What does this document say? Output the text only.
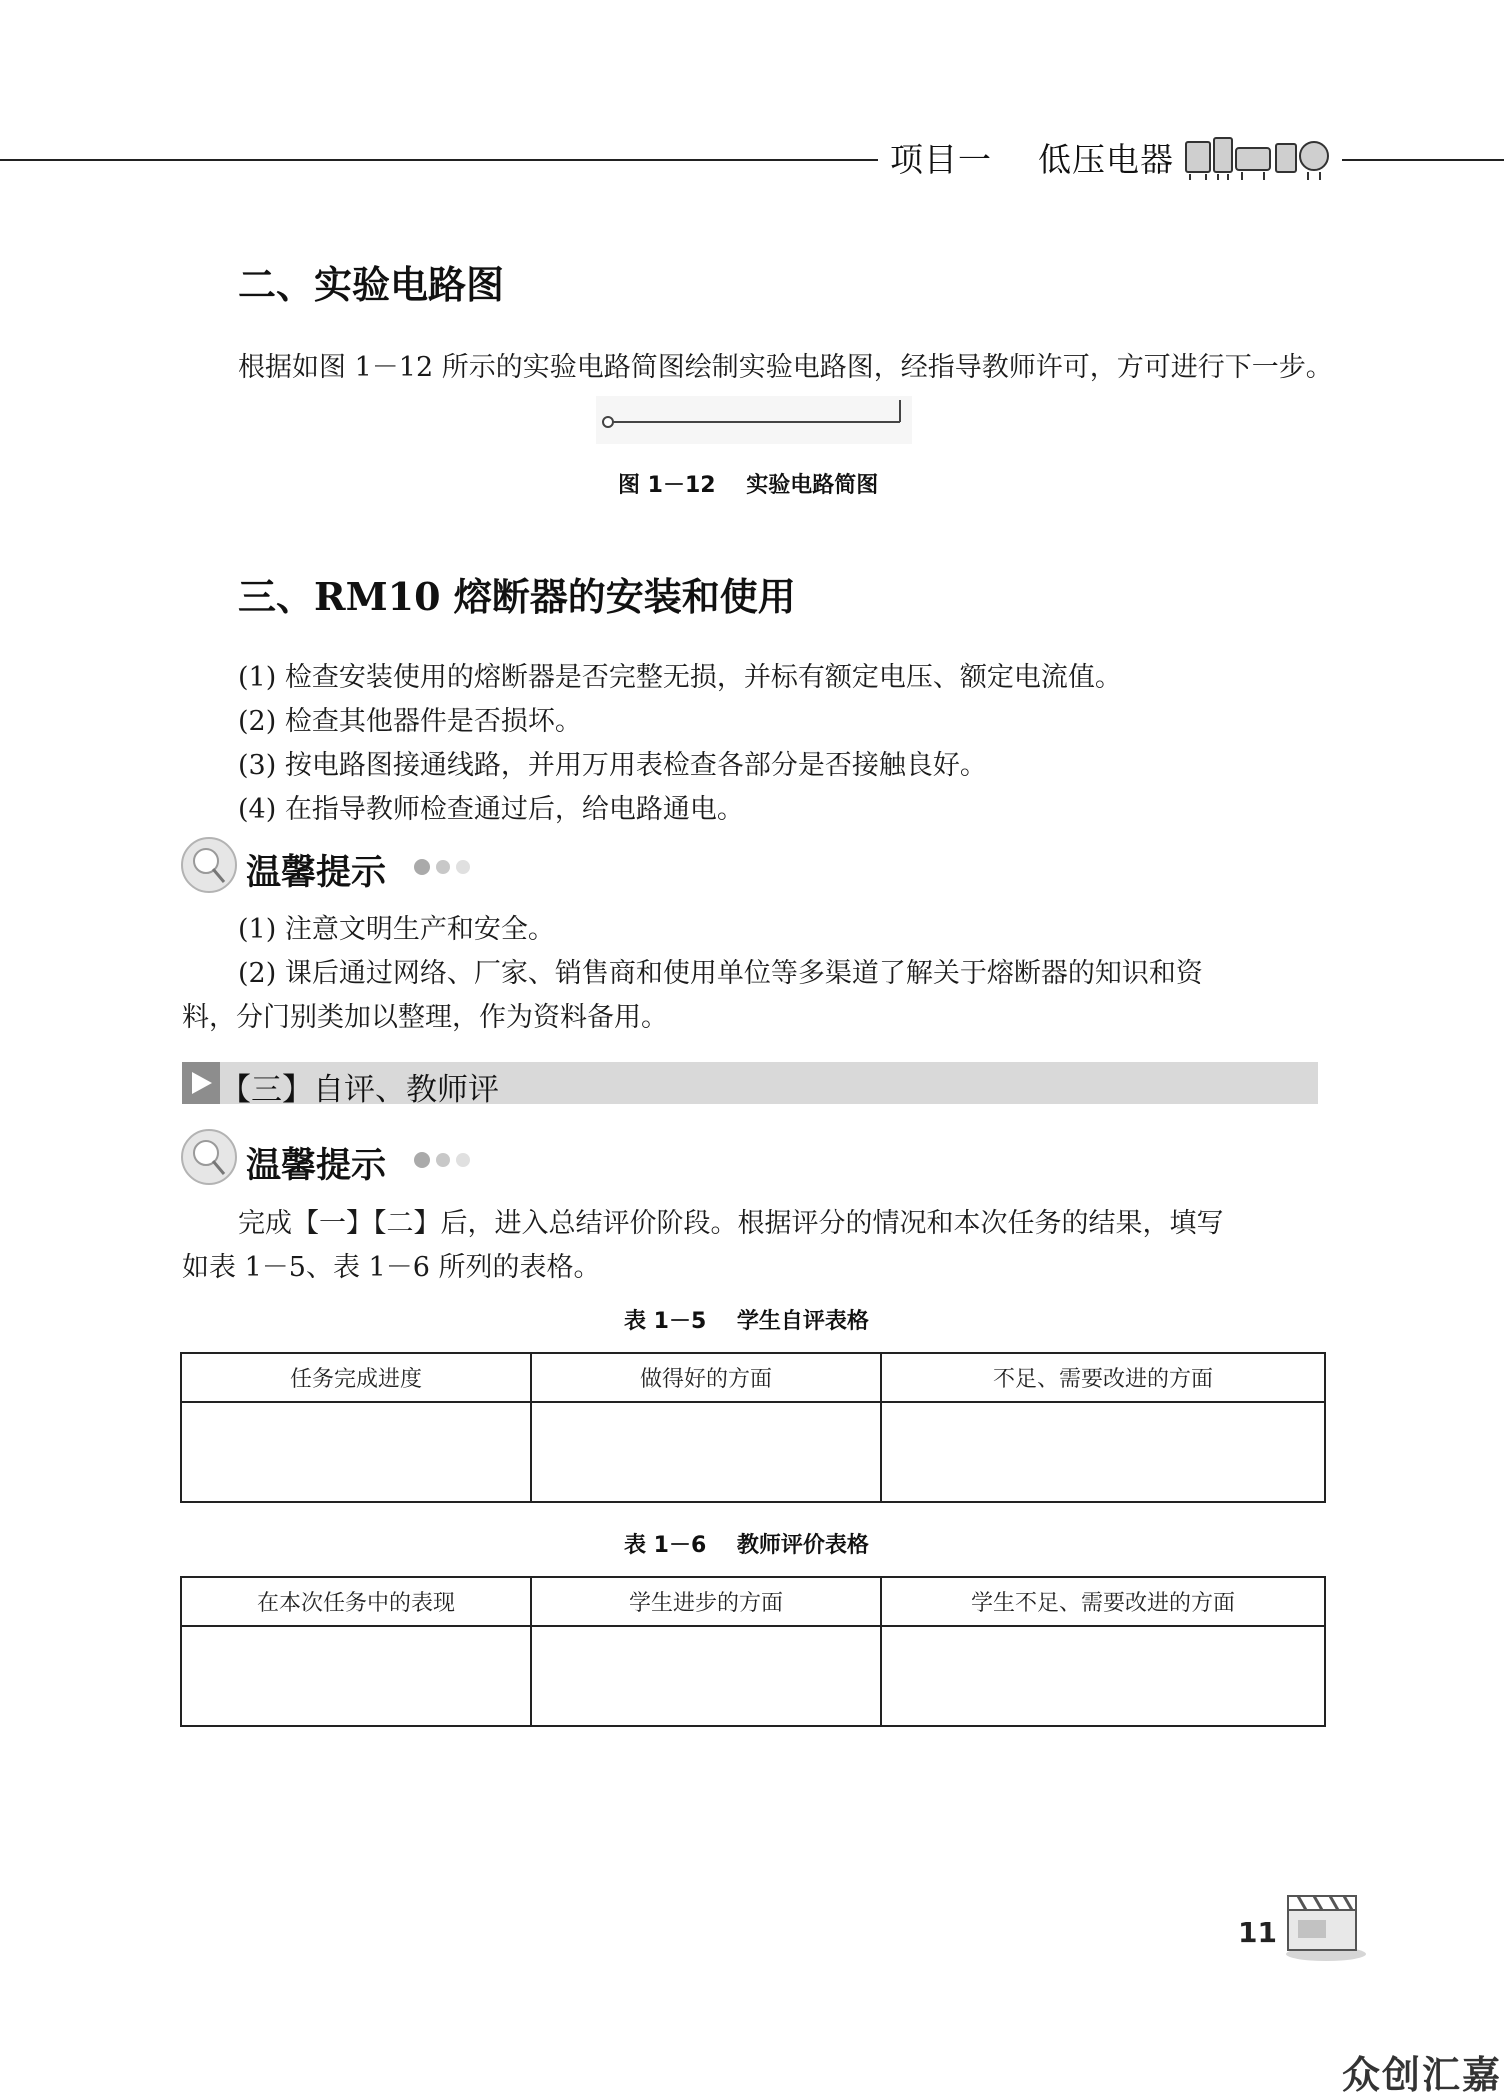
项目一    低压电器
二、实验电路图
根据如图 1－12 所示的实验电路简图绘制实验电路图，经指导教师许可，方可进行下一步。
图 1－12    实验电路简图
三、RM10 熔断器的安装和使用
(1) 检查安装使用的熔断器是否完整无损，并标有额定电压、额定电流值。
(2) 检查其他器件是否损坏。
(3) 按电路图接通线路，并用万用表检查各部分是否接触良好。
(4) 在指导教师检查通过后，给电路通电。
温馨提示
(1) 注意文明生产和安全。
(2) 课后通过网络、厂家、销售商和使用单位等多渠道了解关于熔断器的知识和资
料，分门别类加以整理，作为资料备用。
【三】自评、教师评
温馨提示
完成【一】【二】后，进入总结评价阶段。根据评分的情况和本次任务的结果，填写
如表 1－5、表 1－6 所列的表格。
表 1－5    学生自评表格
任务完成进度	做得好的方面	不足、需要改进的方面

表 1－6    教师评价表格
在本次任务中的表现	学生进步的方面	学生不足、需要改进的方面

11
众创汇嘉
